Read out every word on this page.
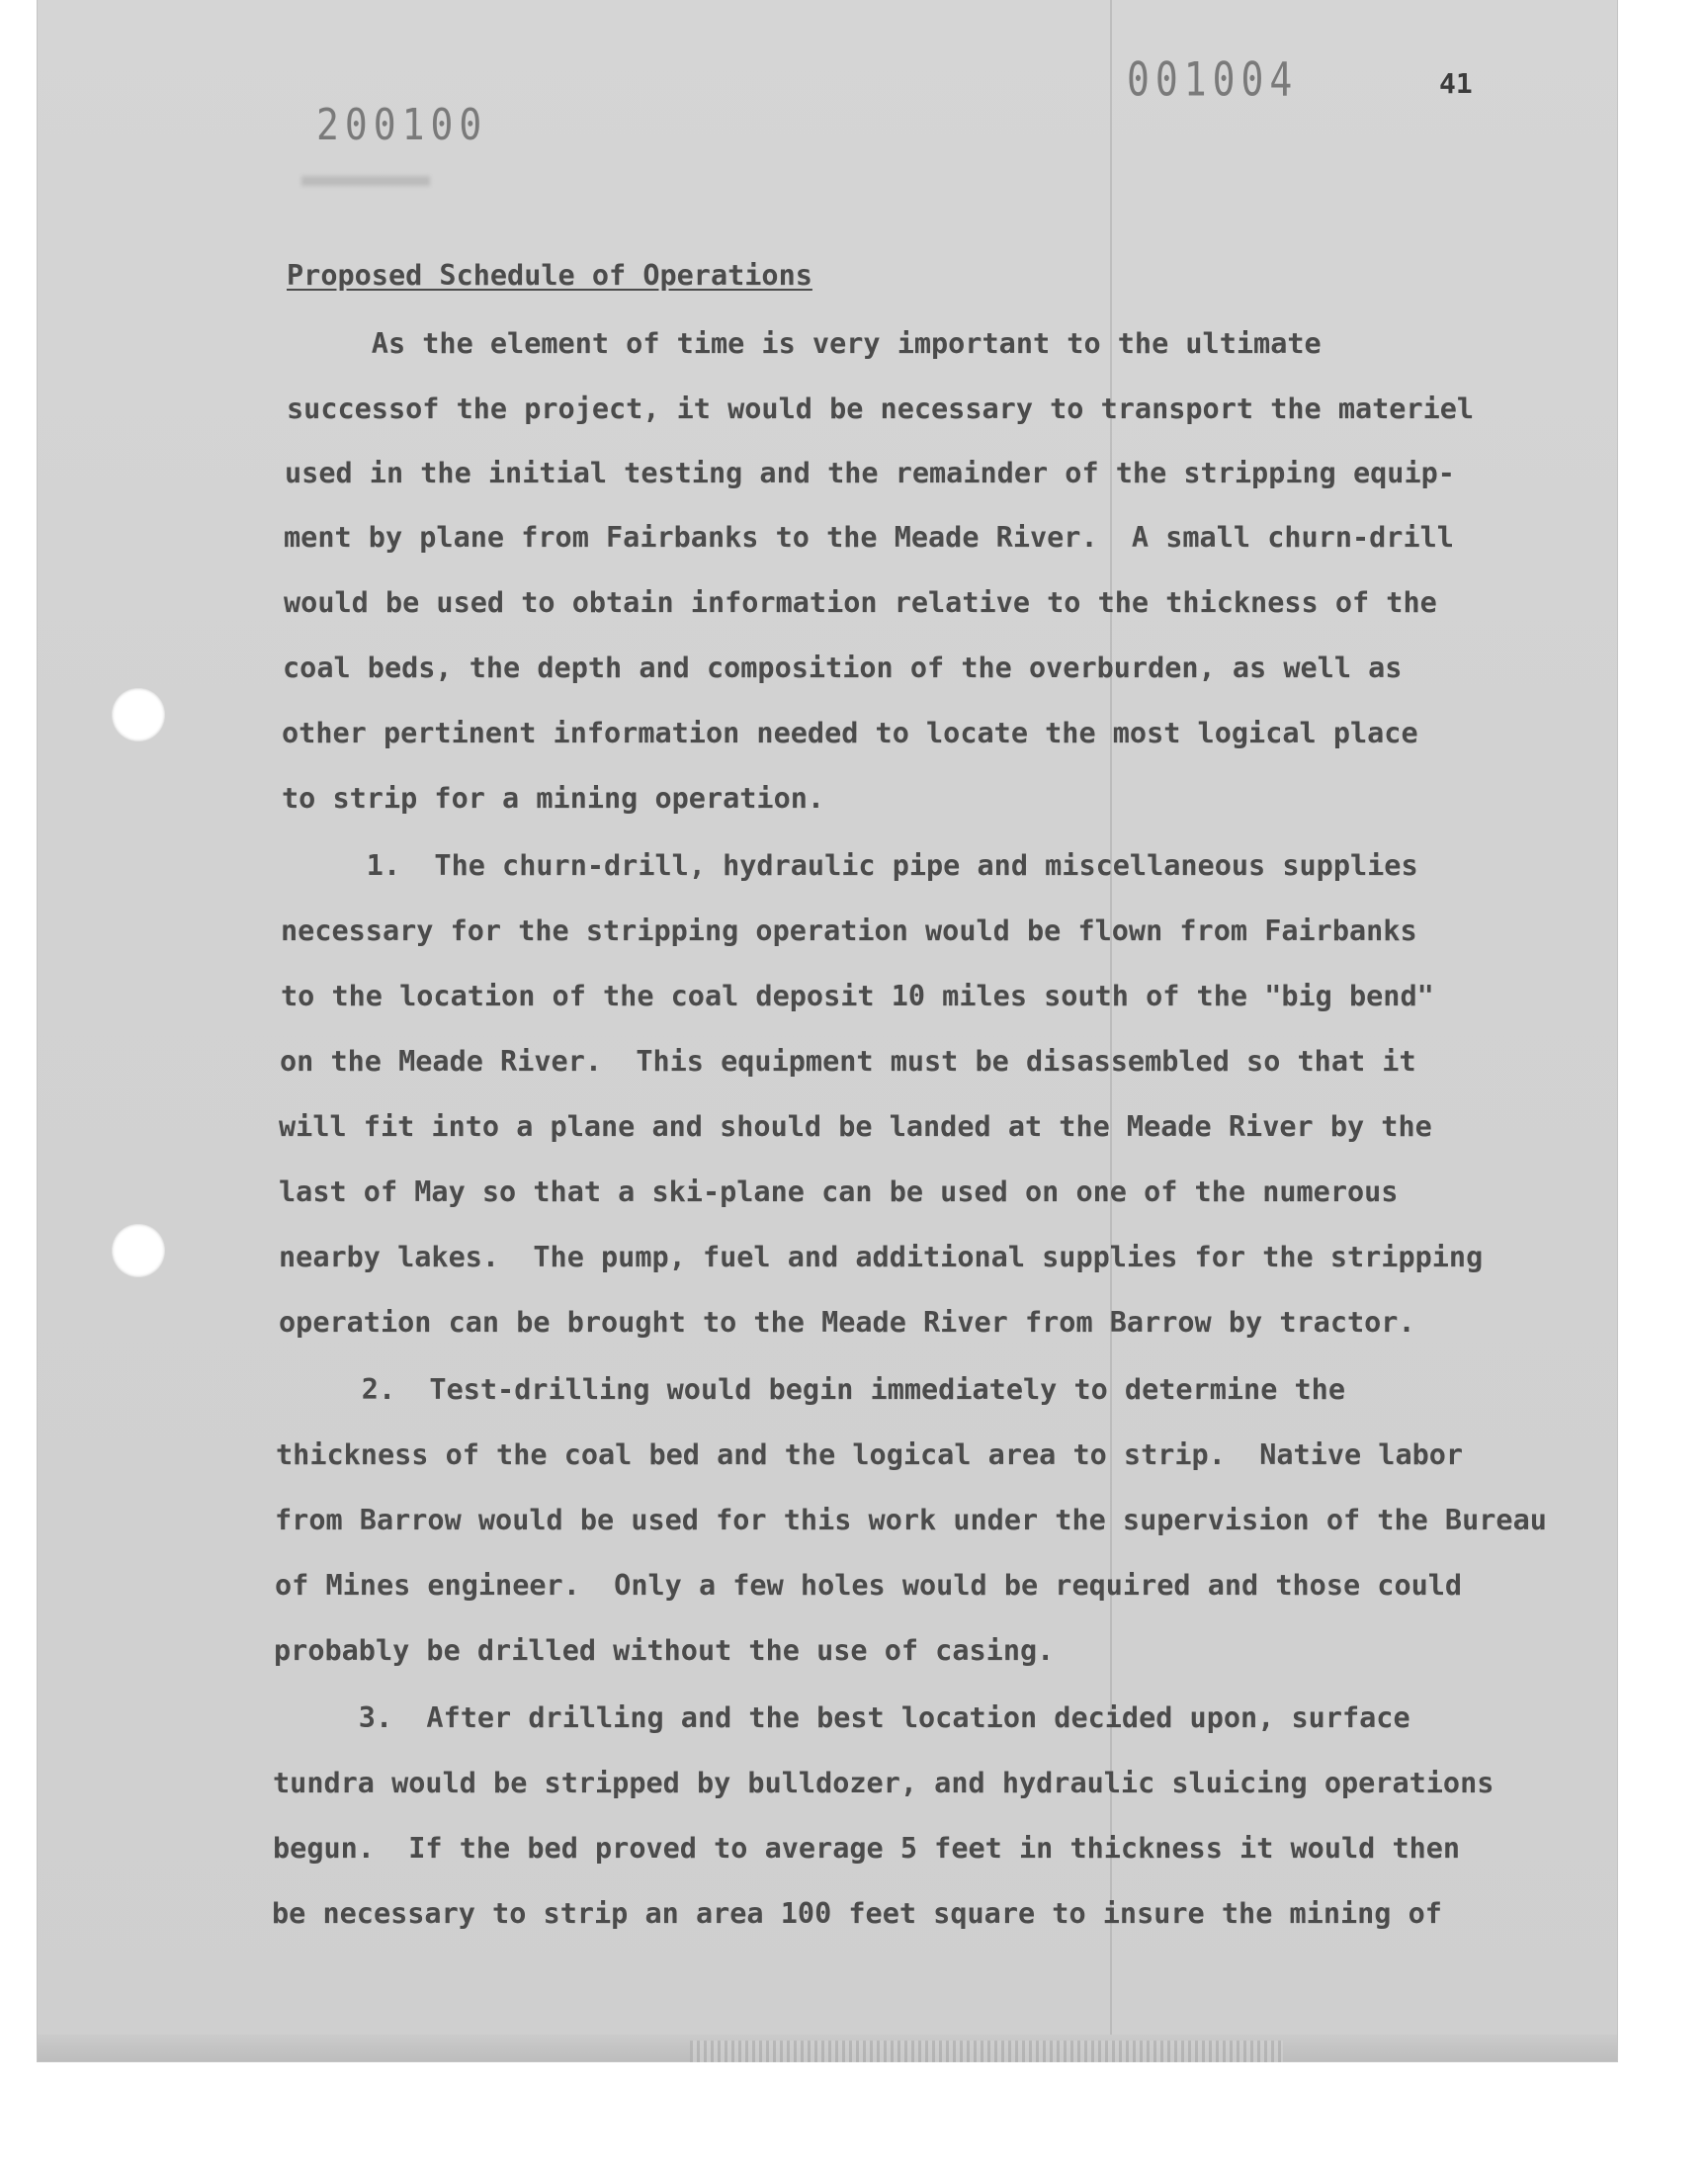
200100
001004	41
Proposed Schedule of Operations
As the element of time is very important to the ultimate
successof the project, it would be necessary to transport the materiel
used in the initial testing and the remainder of the stripping equip-
ment by plane from Fairbanks to the Meade River.  A small churn-drill
would be used to obtain information relative to the thickness of the
coal beds, the depth and composition of the overburden, as well as
other pertinent information needed to locate the most logical place
to strip for a mining operation.
1.  The churn-drill, hydraulic pipe and miscellaneous supplies
necessary for the stripping operation would be flown from Fairbanks
to the location of the coal deposit 10 miles south of the "big bend"
on the Meade River.  This equipment must be disassembled so that it
will fit into a plane and should be landed at the Meade River by the
last of May so that a ski-plane can be used on one of the numerous
nearby lakes.  The pump, fuel and additional supplies for the stripping
operation can be brought to the Meade River from Barrow by tractor.
2.  Test-drilling would begin immediately to determine the
thickness of the coal bed and the logical area to strip.  Native labor
from Barrow would be used for this work under the supervision of the Bureau
of Mines engineer.  Only a few holes would be required and those could
probably be drilled without the use of casing.
3.  After drilling and the best location decided upon, surface
tundra would be stripped by bulldozer, and hydraulic sluicing operations
begun.  If the bed proved to average 5 feet in thickness it would then
be necessary to strip an area 100 feet square to insure the mining of
